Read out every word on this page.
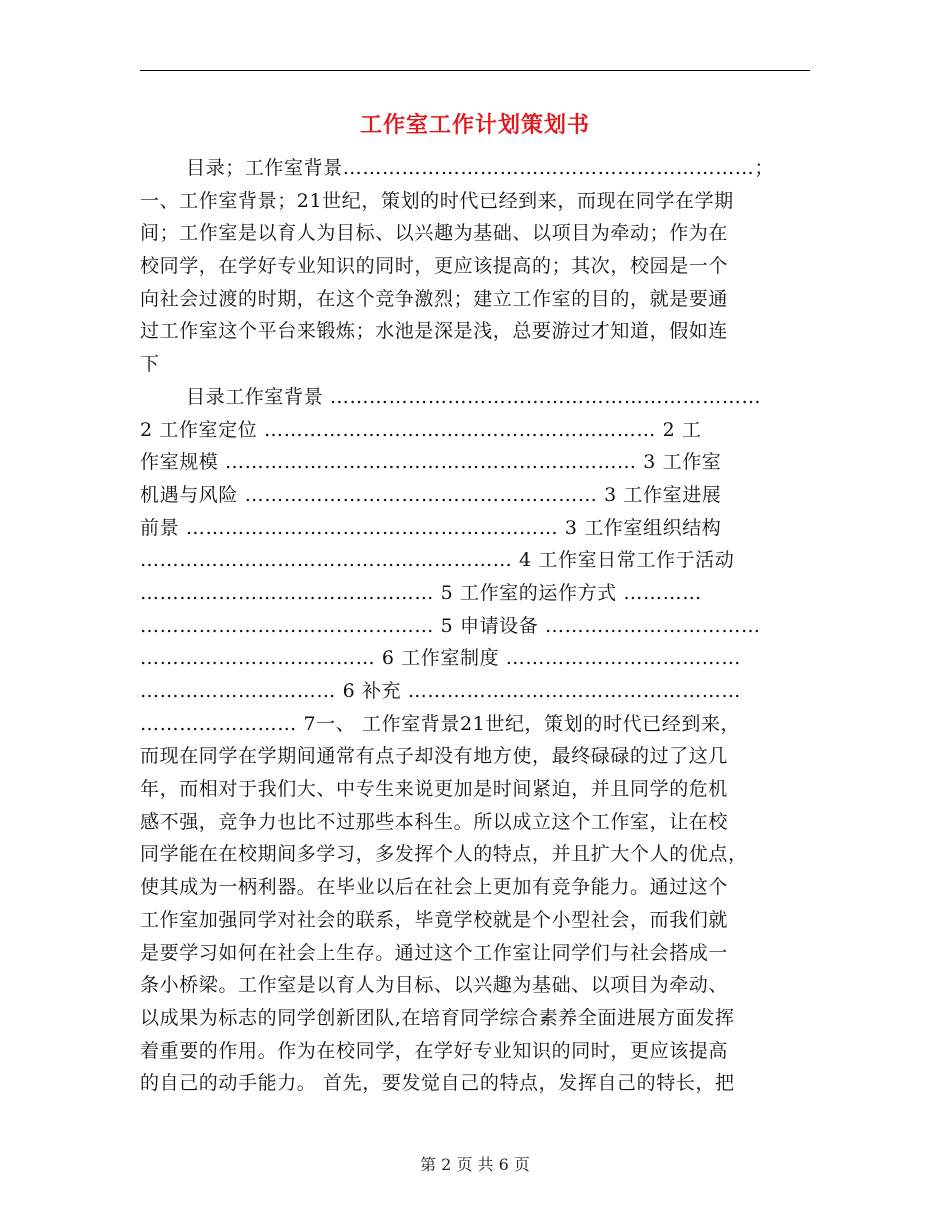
工作室工作计划策划书
目录；工作室背景………………………………………………………；
一、工作室背景；21世纪，策划的时代已经到来，而现在同学在学期
间；工作室是以育人为目标、以兴趣为基础、以项目为牵动；作为在
校同学，在学好专业知识的同时，更应该提高的；其次，校园是一个
向社会过渡的时期，在这个竞争激烈；建立工作室的目的，就是要通
过工作室这个平台来锻炼；水池是深是浅，总要游过才知道，假如连
下
目录工作室背景 …………………………………………………………
2 工作室定位 …………………………………………………… 2 工
作室规模 ……………………………………………………… 3 工作室
机遇与风险 ……………………………………………… 3 工作室进展
前景 ………………………………………………… 3 工作室组织结构
………………………………………………… 4 工作室日常工作于活动
……………………………………… 5 工作室的运作方式 …………
……………………………………… 5 申请设备 ……………………………
……………………………… 6 工作室制度 ………………………………
………………………… 6 补充 ……………………………………………
…………………… 7一、 工作室背景21世纪，策划的时代已经到来，
而现在同学在学期间通常有点子却没有地方使，最终碌碌的过了这几
年，而相对于我们大、中专生来说更加是时间紧迫，并且同学的危机
感不强，竞争力也比不过那些本科生。所以成立这个工作室，让在校
同学能在在校期间多学习，多发挥个人的特点，并且扩大个人的优点，
使其成为一柄利器。在毕业以后在社会上更加有竞争能力。通过这个
工作室加强同学对社会的联系，毕竟学校就是个小型社会，而我们就
是要学习如何在社会上生存。通过这个工作室让同学们与社会搭成一
条小桥梁。工作室是以育人为目标、以兴趣为基础、以项目为牵动、
以成果为标志的同学创新团队,在培育同学综合素养全面进展方面发挥
着重要的作用。作为在校同学，在学好专业知识的同时，更应该提高
的自己的动手能力。 首先，要发觉自己的特点，发挥自己的特长，把
第 2 页 共 6 页
